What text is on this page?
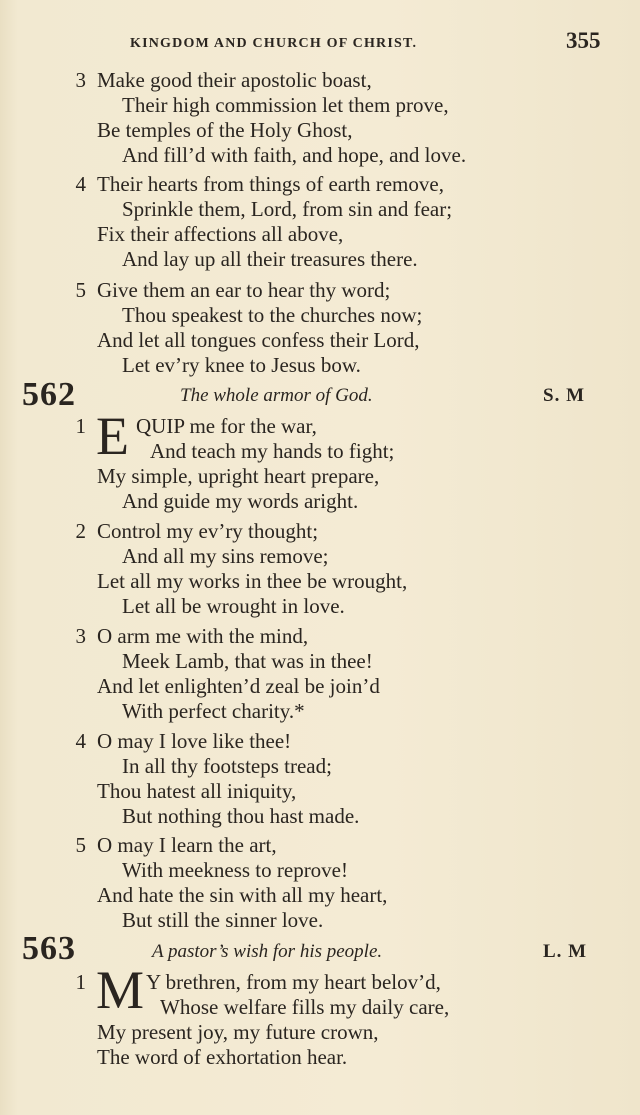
KINGDOM AND CHURCH OF CHRIST.	355
3 Make good their apostolic boast,
Their high commission let them prove,
Be temples of the Holy Ghost,
And fill’d with faith, and hope, and love.
4 Their hearts from things of earth remove,
Sprinkle them, Lord, from sin and fear;
Fix their affections all above,
And lay up all their treasures there.
5 Give them an ear to hear thy word;
Thou speakest to the churches now;
And let all tongues confess their Lord,
Let ev’ry knee to Jesus bow.
562	The whole armor of God.	S. M
1 E QUIP me for the war,
And teach my hands to fight;
My simple, upright heart prepare,
And guide my words aright.
2 Control my ev’ry thought;
And all my sins remove;
Let all my works in thee be wrought,
Let all be wrought in love.
3 O arm me with the mind,
Meek Lamb, that was in thee!
And let enlighten’d zeal be join’d
With perfect charity.*
4 O may I love like thee!
In all thy footsteps tread;
Thou hatest all iniquity,
But nothing thou hast made.
5 O may I learn the art,
With meekness to reprove!
And hate the sin with all my heart,
But still the sinner love.
563	A pastor’s wish for his people.	L. M
1 M Y brethren, from my heart belov’d,
Whose welfare fills my daily care,
My present joy, my future crown,
The word of exhortation hear.
